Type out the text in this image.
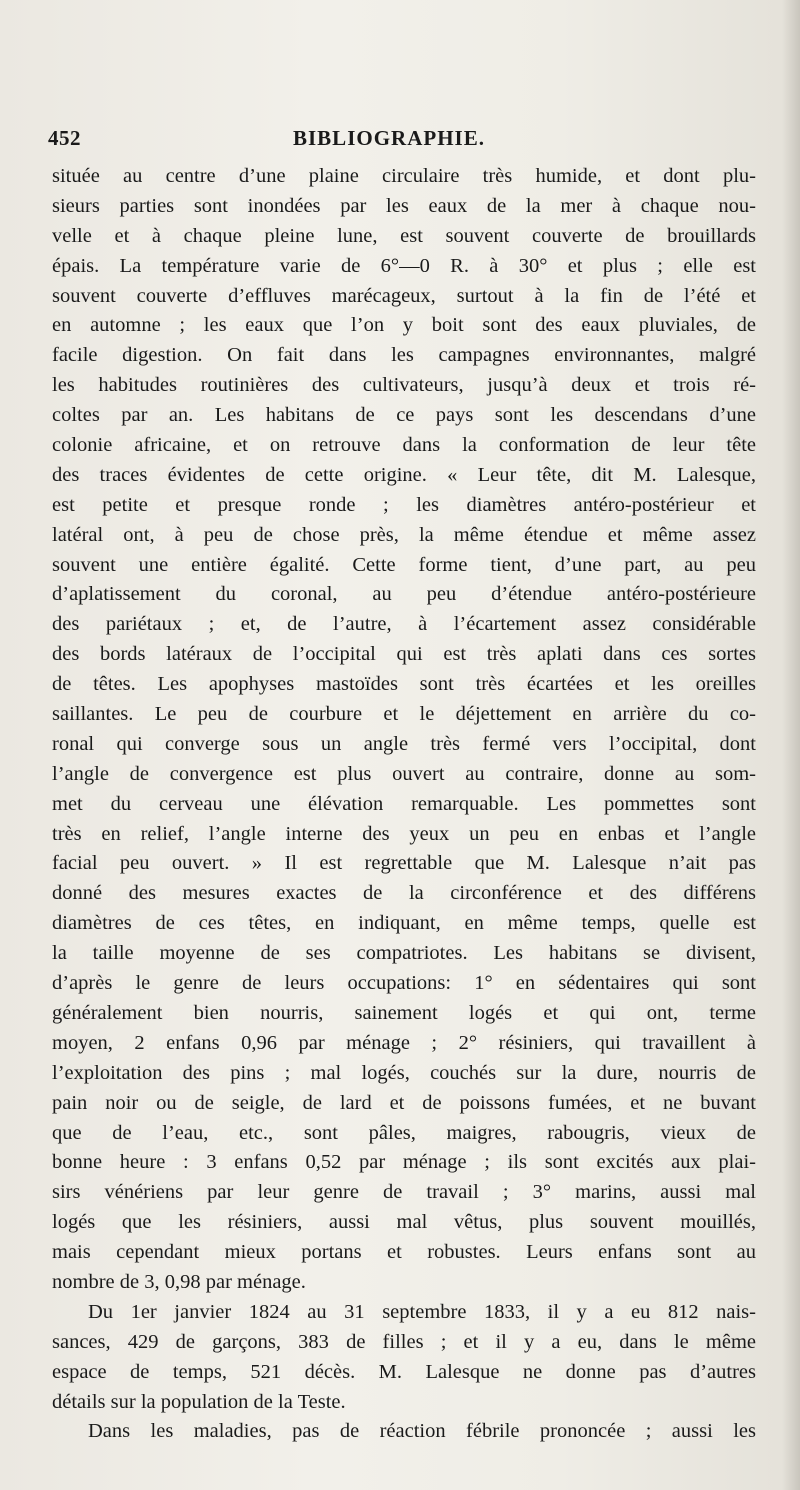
452	BIBLIOGRAPHIE.
située au centre d’une plaine circulaire très humide, et dont plu-
sieurs parties sont inondées par les eaux de la mer à chaque nou-
velle et à chaque pleine lune, est souvent couverte de brouillards
épais. La température varie de 6°—0 R. à 30° et plus ; elle est
souvent couverte d’effluves marécageux, surtout à la fin de l’été et
en automne ; les eaux que l’on y boit sont des eaux pluviales, de
facile digestion. On fait dans les campagnes environnantes, malgré
les habitudes routinières des cultivateurs, jusqu’à deux et trois ré-
coltes par an. Les habitans de ce pays sont les descendans d’une
colonie africaine, et on retrouve dans la conformation de leur tête
des traces évidentes de cette origine. « Leur tête, dit M. Lalesque,
est petite et presque ronde ; les diamètres antéro-postérieur et
latéral ont, à peu de chose près, la même étendue et même assez
souvent une entière égalité. Cette forme tient, d’une part, au peu
d’aplatissement du coronal, au peu d’étendue antéro-postérieure
des pariétaux ; et, de l’autre, à l’écartement assez considérable
des bords latéraux de l’occipital qui est très aplati dans ces sortes
de têtes. Les apophyses mastoïdes sont très écartées et les oreilles
saillantes. Le peu de courbure et le déjettement en arrière du co-
ronal qui converge sous un angle très fermé vers l’occipital, dont
l’angle de convergence est plus ouvert au contraire, donne au som-
met du cerveau une élévation remarquable. Les pommettes sont
très en relief, l’angle interne des yeux un peu en enbas et l’angle
facial peu ouvert. » Il est regrettable que M. Lalesque n’ait pas
donné des mesures exactes de la circonférence et des différens
diamètres de ces têtes, en indiquant, en même temps, quelle est
la taille moyenne de ses compatriotes. Les habitans se divisent,
d’après le genre de leurs occupations: 1° en sédentaires qui sont
généralement bien nourris, sainement logés et qui ont, terme
moyen, 2 enfans 0,96 par ménage ; 2° résiniers, qui travaillent à
l’exploitation des pins ; mal logés, couchés sur la dure, nourris de
pain noir ou de seigle, de lard et de poissons fumées, et ne buvant
que de l’eau, etc., sont pâles, maigres, rabougris, vieux de
bonne heure : 3 enfans 0,52 par ménage ; ils sont excités aux plai-
sirs vénériens par leur genre de travail ; 3° marins, aussi mal
logés que les résiniers, aussi mal vêtus, plus souvent mouillés,
mais cependant mieux portans et robustes. Leurs enfans sont au
nombre de 3, 0,98 par ménage.
Du 1er janvier 1824 au 31 septembre 1833, il y a eu 812 nais-
sances, 429 de garçons, 383 de filles ; et il y a eu, dans le même
espace de temps, 521 décès. M. Lalesque ne donne pas d’autres
détails sur la population de la Teste.
Dans les maladies, pas de réaction fébrile prononcée ; aussi les
